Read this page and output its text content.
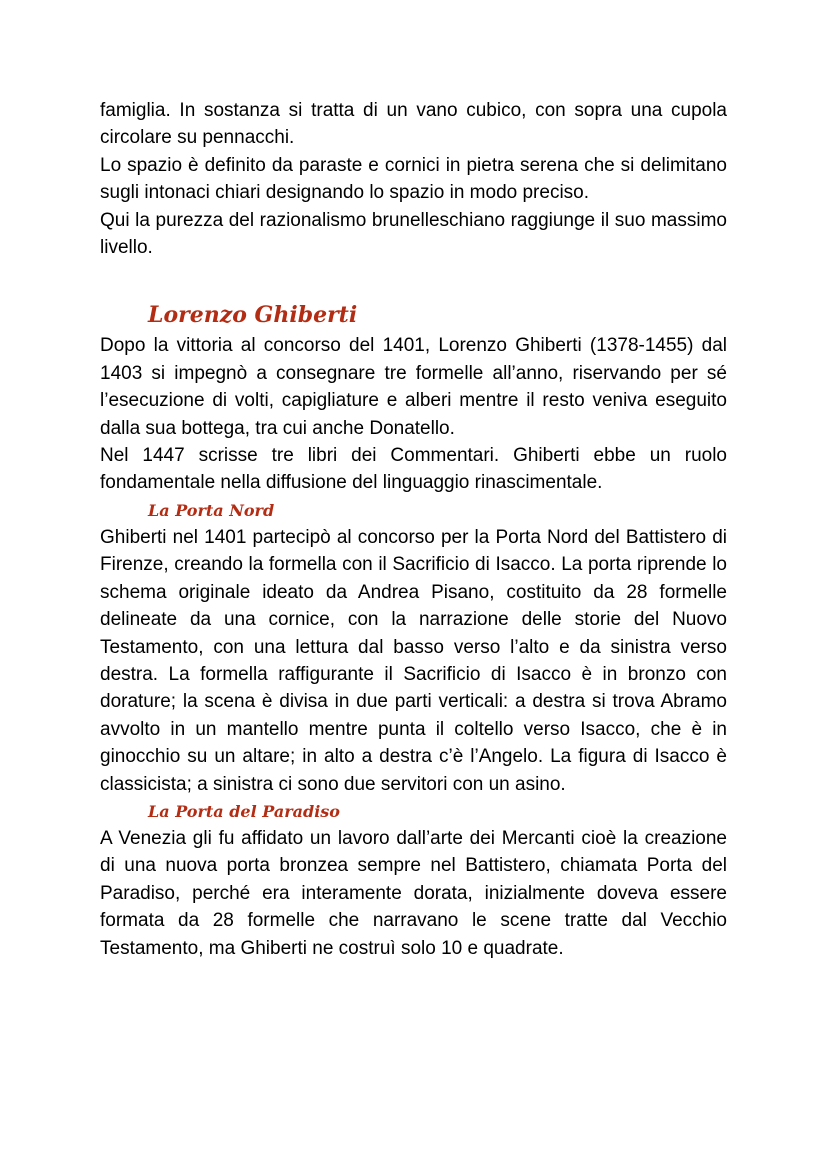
famiglia. In sostanza si tratta di un vano cubico, con sopra una cupola circolare su pennacchi.

Lo spazio è definito da paraste e cornici in pietra serena che si delimitano sugli intonaci chiari designando lo spazio in modo preciso.

Qui la purezza del razionalismo brunelleschiano raggiunge il suo massimo livello.

Lorenzo Ghiberti

Dopo la vittoria al concorso del 1401, Lorenzo Ghiberti (1378-1455) dal 1403 si impegnò a consegnare tre formelle all’anno, riservando per sé l’esecuzione di volti, capigliature e alberi mentre il resto veniva eseguito dalla sua bottega, tra cui anche Donatello.

Nel 1447 scrisse tre libri dei Commentari. Ghiberti ebbe un ruolo fondamentale nella diffusione del linguaggio rinascimentale.

La Porta Nord

Ghiberti nel 1401 partecipò al concorso per la Porta Nord del Battistero di Firenze, creando la formella con il Sacrificio di Isacco. La porta riprende lo schema originale ideato da Andrea Pisano, costituito da 28 formelle delineate da una cornice, con la narrazione delle storie del Nuovo Testamento, con una lettura dal basso verso l’alto e da sinistra verso destra. La formella raffigurante il Sacrificio di Isacco è in bronzo con dorature; la scena è divisa in due parti verticali: a destra si trova Abramo avvolto in un mantello mentre punta il coltello verso Isacco, che è in ginocchio su un altare; in alto a destra c’è l’Angelo. La figura di Isacco è classicista; a sinistra ci sono due servitori con un asino.

La Porta del Paradiso

A Venezia gli fu affidato un lavoro dall’arte dei Mercanti cioè la creazione di una nuova porta bronzea sempre nel Battistero, chiamata Porta del Paradiso, perché era interamente dorata, inizialmente doveva essere formata da 28 formelle che narravano le scene tratte dal Vecchio Testamento, ma Ghiberti ne costruì solo 10 e quadrate.
